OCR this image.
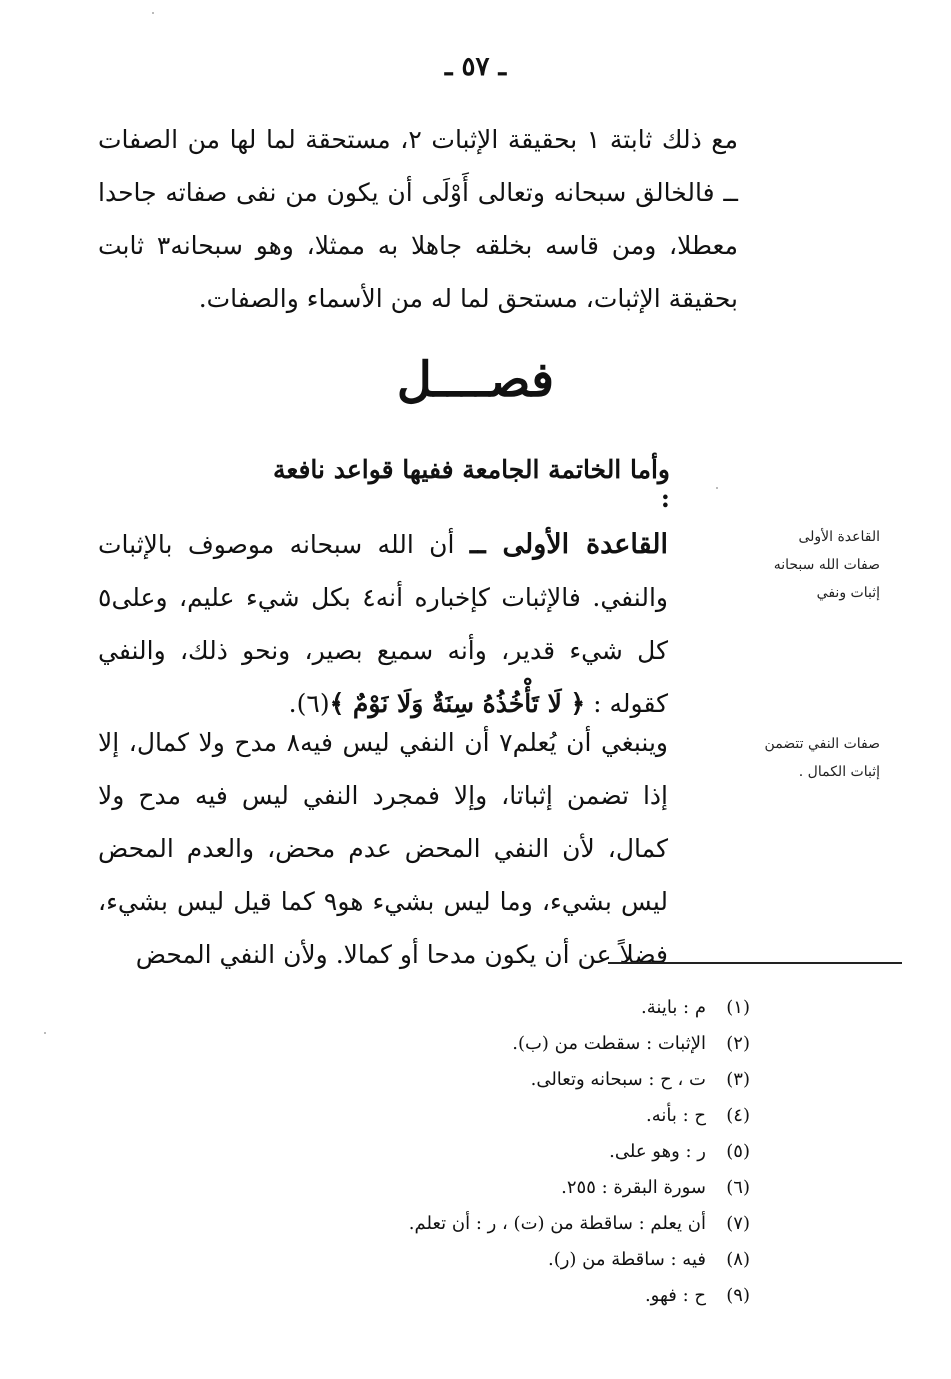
ـ ٥٧ ـ
مع ذلك ثابتة ١ بحقيقة الإثبات ٢، مستحقة لما لها من الصفات ــ فالخالق سبحانه وتعالى أَوْلَى أن يكون من نفى صفاته جاحدا معطلا، ومن قاسه بخلقه جاهلا به ممثلا، وهو سبحانه٣ ثابت بحقيقة الإثبات، مستحق لما له من الأسماء والصفات.
فصــــل
وأما الخاتمة الجامعة ففيها قواعد نافعة :
القاعدة الأولى ــ أن الله سبحانه موصوف بالإثبات والنفي. فالإثبات كإخباره أنه٤ بكل شيء عليم، وعلى٥ كل شيء قدير، وأنه سميع بصير، ونحو ذلك، والنفي كقوله : ﴿ لَا تَأْخُذُهُ سِنَةٌ وَلَا نَوْمٌ ﴾(٦).
وينبغي أن يُعلم٧ أن النفي ليس فيه٨ مدح ولا كمال، إلا إذا تضمن إثباتا، وإلا فمجرد النفي ليس فيه مدح ولا كمال، لأن النفي المحض عدم محض، والعدم المحض ليس بشيء، وما ليس بشيء هو٩ كما قيل ليس بشيء، فضلاً عن أن يكون مدحا أو كمالا. ولأن النفي المحض
القاعدة الأولى
صفات الله سبحانه
إثبات ونفي
صفات النفي تتضمن
إثبات الكمال .
(١)م : باينة.
(٢)الإثبات : سقطت من (ب).
(٣)ت ، ح : سبحانه وتعالى.
(٤)ح : بأنه.
(٥)ر : وهو على.
(٦)سورة البقرة : ٢٥٥.
(٧)أن يعلم : ساقطة من (ت) ، ر : أن تعلم.
(٨)فيه : ساقطة من (ر).
(٩)ح : فهو.
